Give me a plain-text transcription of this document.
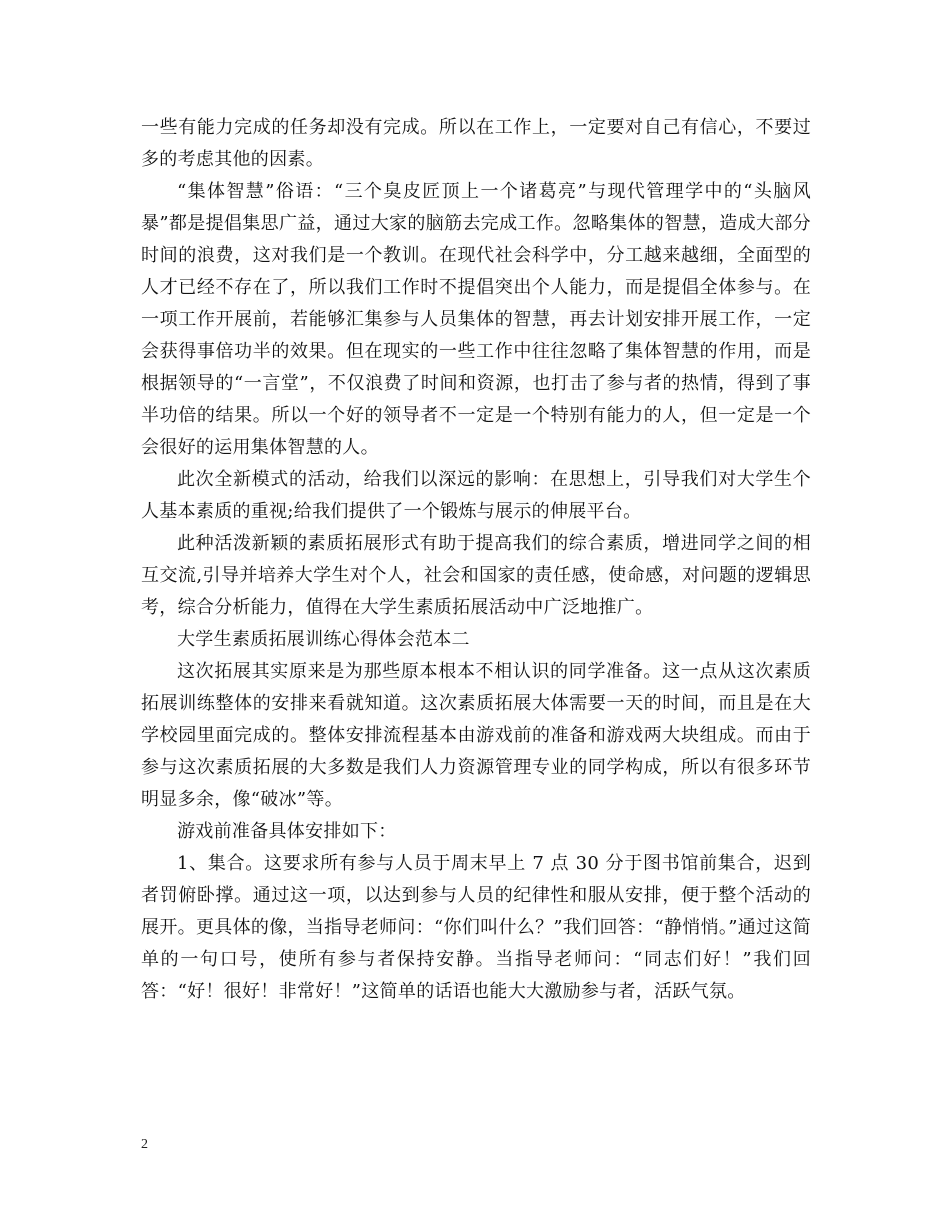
一些有能力完成的任务却没有完成。所以在工作上，一定要对自己有信心，不要过多的考虑其他的因素。

“集体智慧”俗语：“三个臭皮匠顶上一个诸葛亮”与现代管理学中的“头脑风暴”都是提倡集思广益，通过大家的脑筋去完成工作。忽略集体的智慧，造成大部分时间的浪费，这对我们是一个教训。在现代社会科学中，分工越来越细，全面型的人才已经不存在了，所以我们工作时不提倡突出个人能力，而是提倡全体参与。在一项工作开展前，若能够汇集参与人员集体的智慧，再去计划安排开展工作，一定会获得事倍功半的效果。但在现实的一些工作中往往忽略了集体智慧的作用，而是根据领导的“一言堂”，不仅浪费了时间和资源，也打击了参与者的热情，得到了事半功倍的结果。所以一个好的领导者不一定是一个特别有能力的人，但一定是一个会很好的运用集体智慧的人。

此次全新模式的活动，给我们以深远的影响：在思想上，引导我们对大学生个人基本素质的重视;给我们提供了一个锻炼与展示的伸展平台。

此种活泼新颖的素质拓展形式有助于提高我们的综合素质，增进同学之间的相互交流,引导并培养大学生对个人，社会和国家的责任感，使命感，对问题的逻辑思考，综合分析能力，值得在大学生素质拓展活动中广泛地推广。

大学生素质拓展训练心得体会范本二

这次拓展其实原来是为那些原本根本不相认识的同学准备。这一点从这次素质拓展训练整体的安排来看就知道。这次素质拓展大体需要一天的时间，而且是在大学校园里面完成的。整体安排流程基本由游戏前的准备和游戏两大块组成。而由于参与这次素质拓展的大多数是我们人力资源管理专业的同学构成，所以有很多环节明显多余，像“破冰”等。

游戏前准备具体安排如下：

1、集合。这要求所有参与人员于周末早上 7 点 30 分于图书馆前集合，迟到者罚俯卧撑。通过这一项，以达到参与人员的纪律性和服从安排，便于整个活动的展开。更具体的像，当指导老师问：“你们叫什么？”我们回答：“静悄悄。”通过这简单的一句口号，使所有参与者保持安静。当指导老师问：“同志们好！”我们回答：“好！很好！非常好！”这简单的话语也能大大激励参与者，活跃气氛。

2
